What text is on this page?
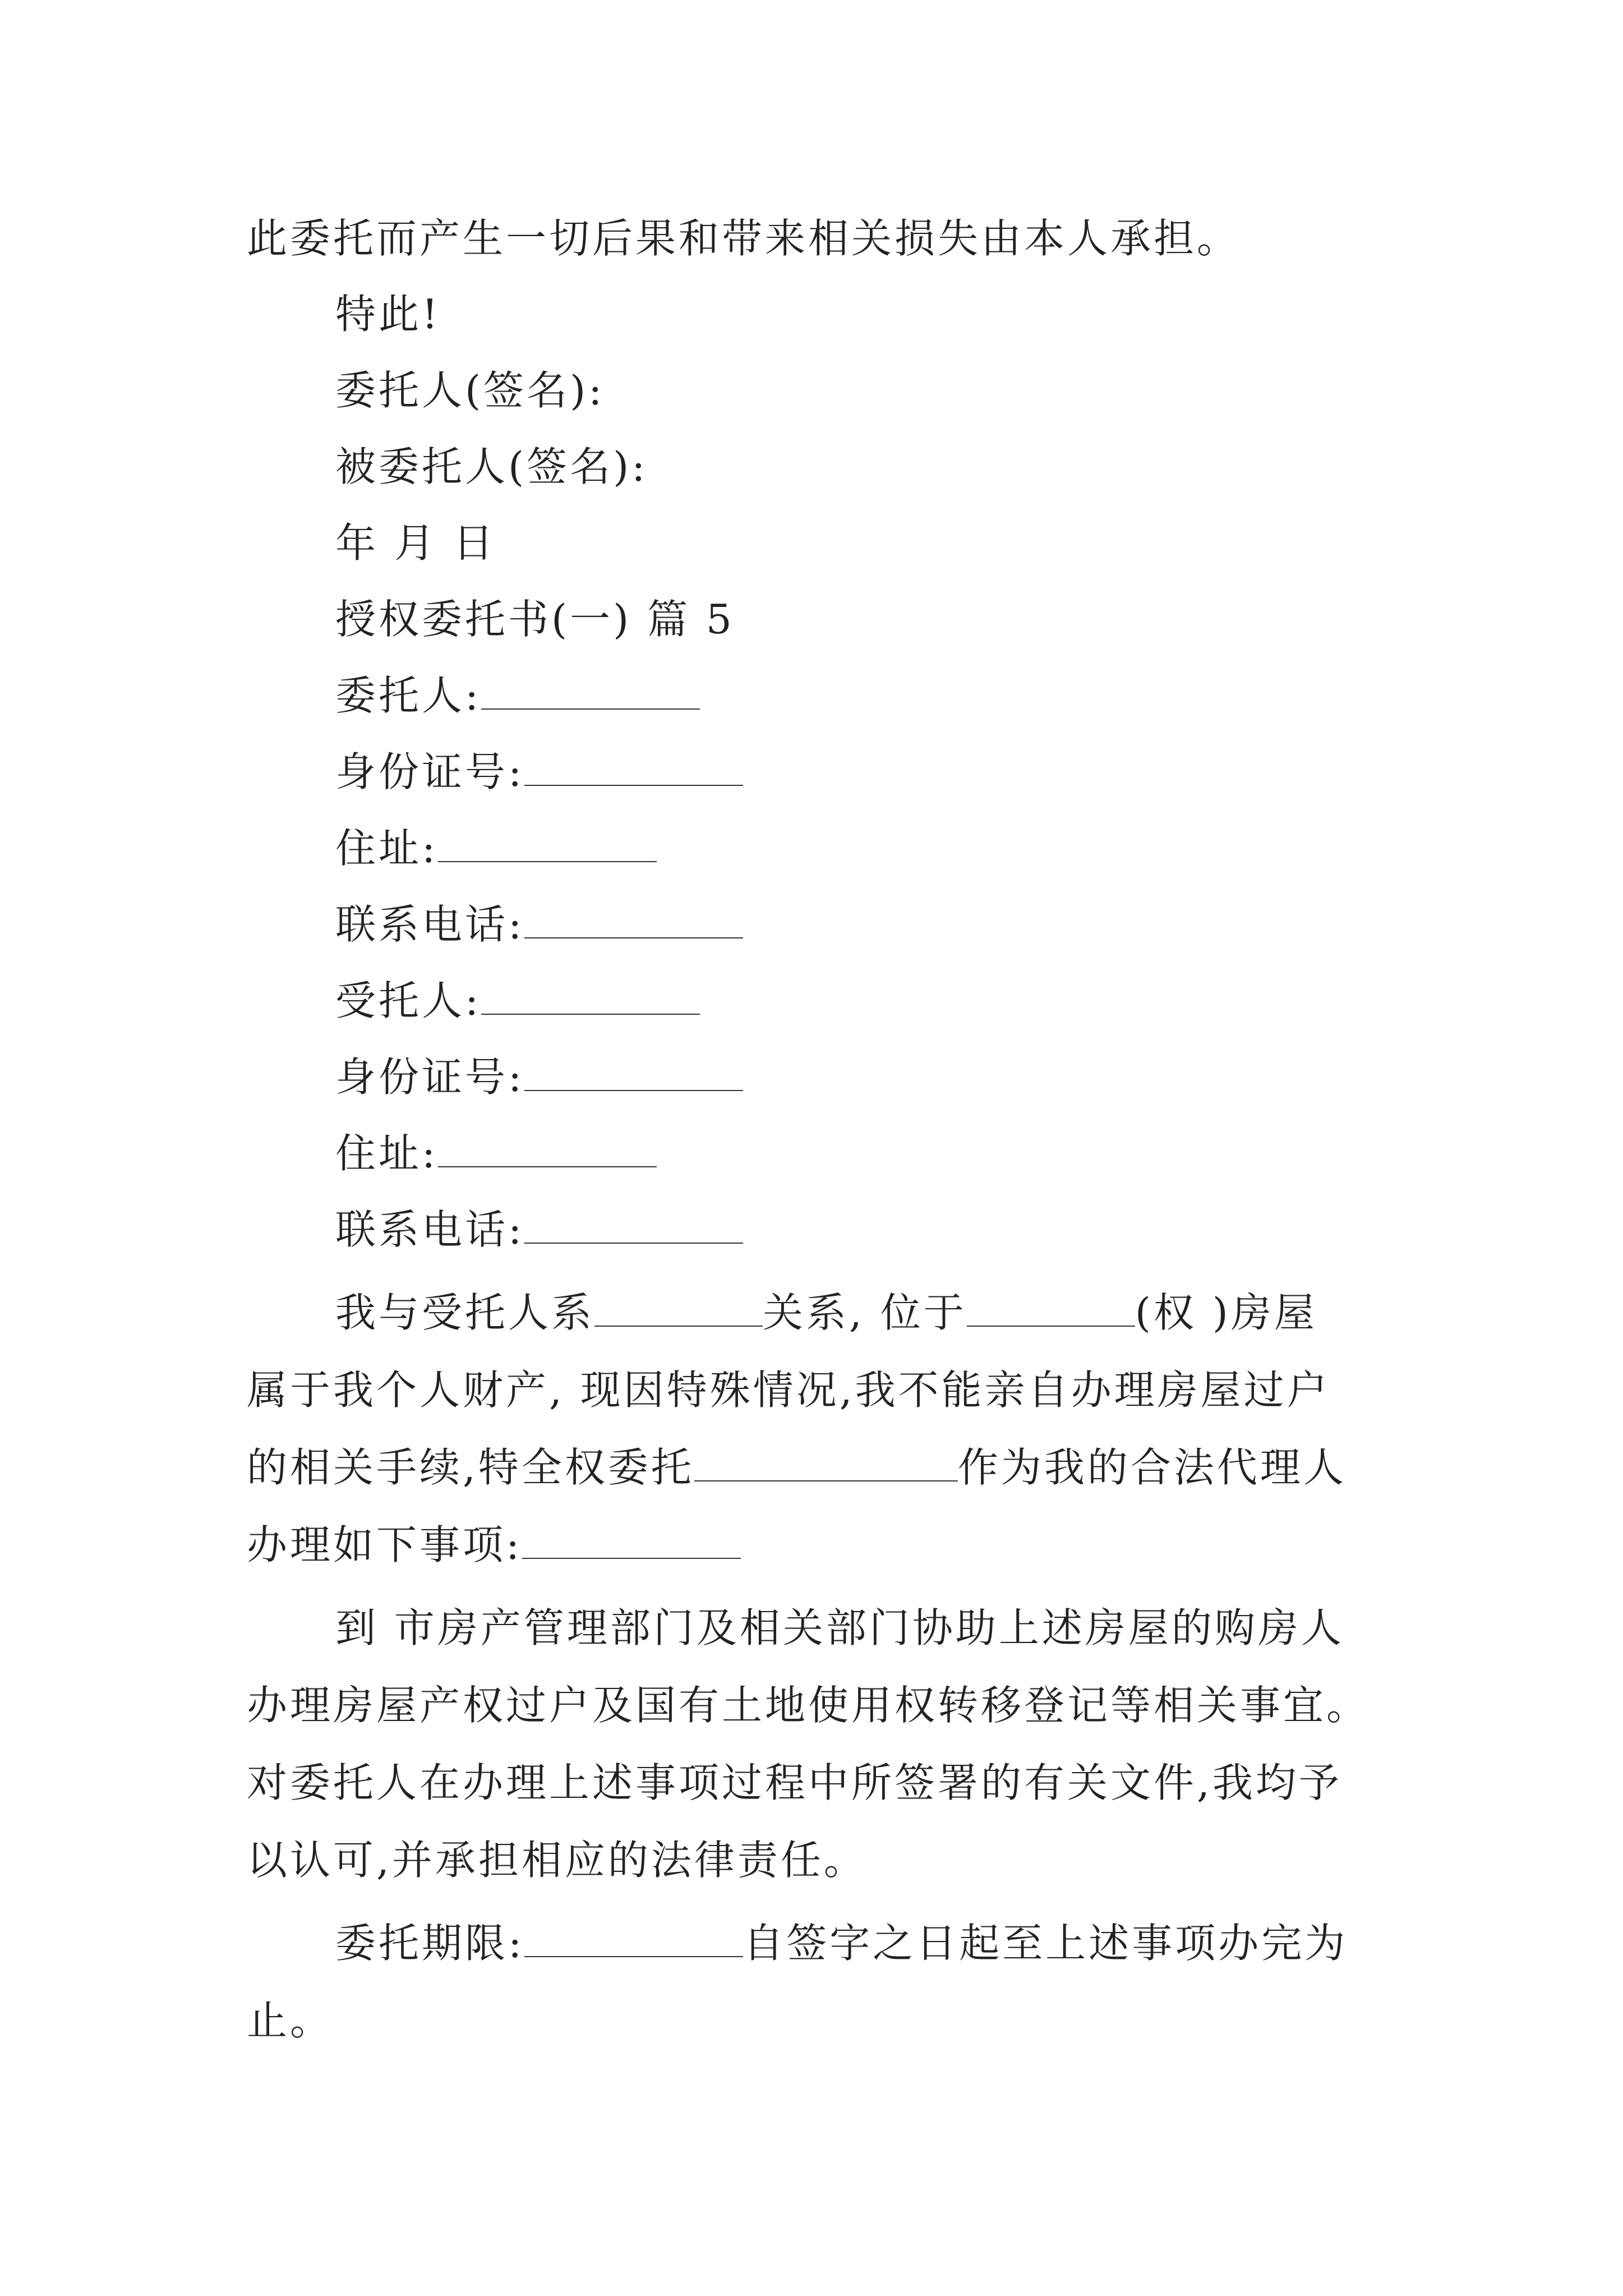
此委托而产生一切后果和带来相关损失由本人承担。
特此!
委托人(签名):
被委托人(签名):
年 月 日
授权委托书(一) 篇 5
委托人:
身份证号:
住址:
联系电话:
受托人:
身份证号:
住址:
联系电话:
我与受托人系	关系, 位于	(权 )房屋
属于我个人财产, 现因特殊情况,我不能亲自办理房屋过户
的相关手续,特全权委托	作为我的合法代理人
办理如下事项:
到 市房产管理部门及相关部门协助上述房屋的购房人
办理房屋产权过户及国有土地使用权转移登记等相关事宜。
对委托人在办理上述事项过程中所签署的有关文件,我均予
以认可,并承担相应的法律责任。
委托期限:	自签字之日起至上述事项办完为
止。
